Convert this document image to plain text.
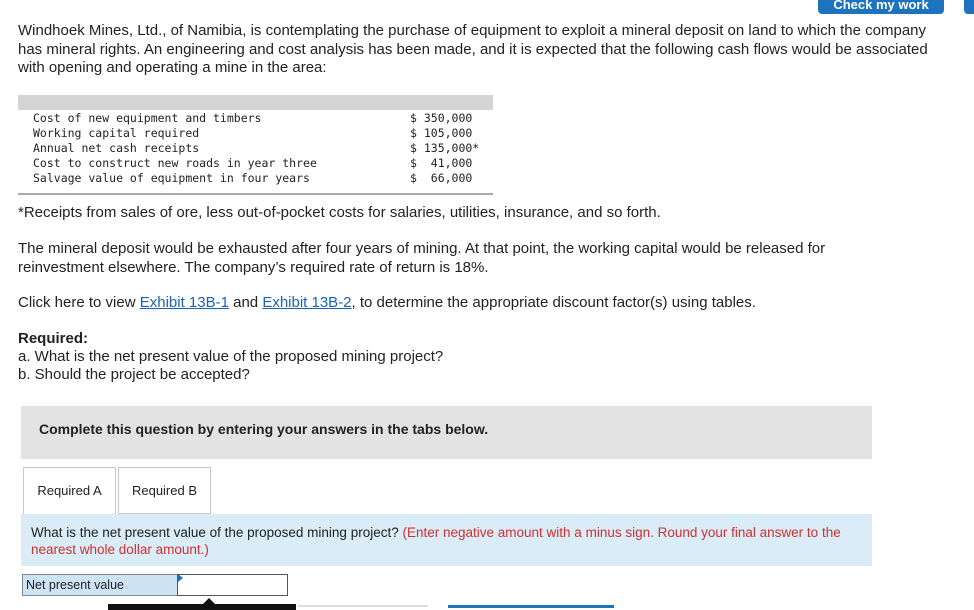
Check my work

Windhoek Mines, Ltd., of Namibia, is contemplating the purchase of equipment to exploit a mineral deposit on land to which the company has mineral rights. An engineering and cost analysis has been made, and it is expected that the following cash flows would be associated with opening and operating a mine in the area:

Cost of new equipment and timbers	$ 350,000
Working capital required	$ 105,000
Annual net cash receipts	$ 135,000*
Cost to construct new roads in year three	$  41,000
Salvage value of equipment in four years	$  66,000

*Receipts from sales of ore, less out-of-pocket costs for salaries, utilities, insurance, and so forth.

The mineral deposit would be exhausted after four years of mining. At that point, the working capital would be released for reinvestment elsewhere. The company’s required rate of return is 18%.

Click here to view Exhibit 13B-1 and Exhibit 13B-2, to determine the appropriate discount factor(s) using tables.

Required:

a. What is the net present value of the proposed mining project?

b. Should the project be accepted?

Complete this question by entering your answers in the tabs below.
Required A	Required B
What is the net present value of the proposed mining project? (Enter negative amount with a minus sign. Round your final answer to the nearest whole dollar amount.)
Net present value
